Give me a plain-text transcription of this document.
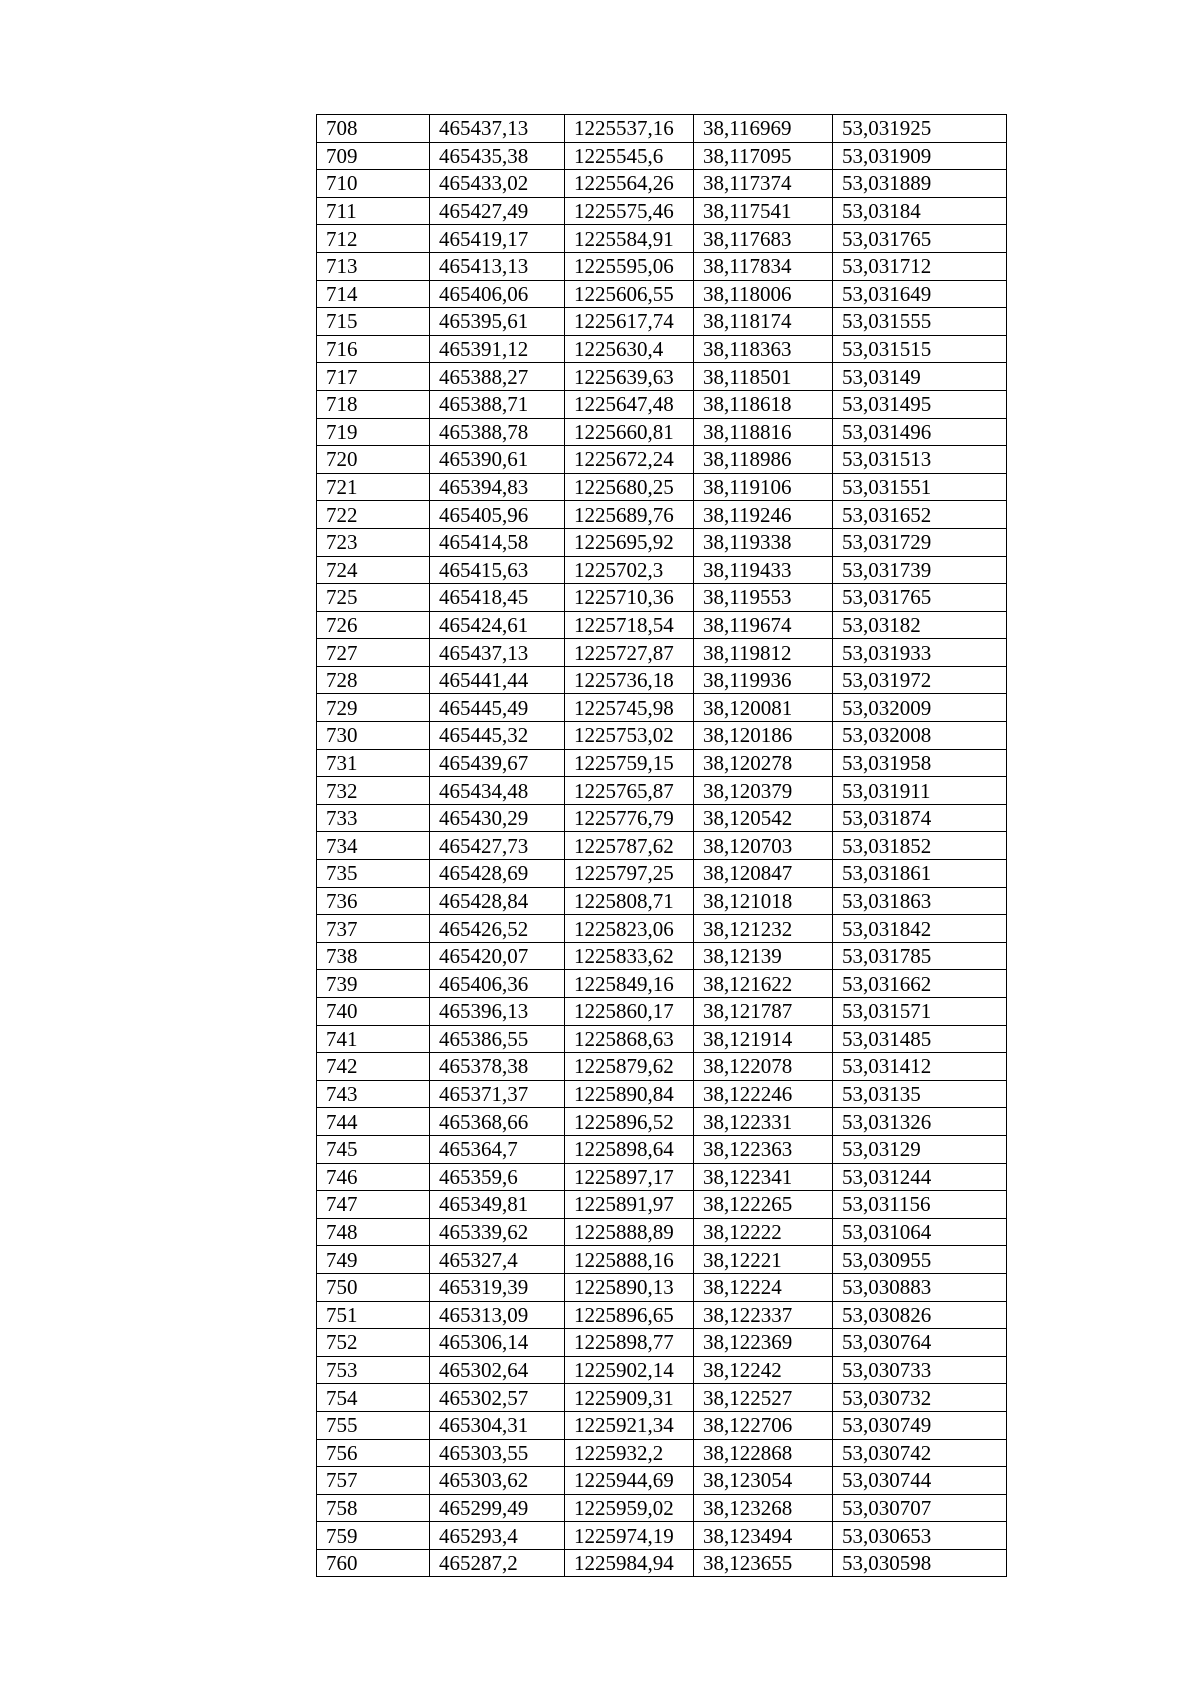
708	465437,13	1225537,16	38,116969	53,031925
709	465435,38	1225545,6	38,117095	53,031909
710	465433,02	1225564,26	38,117374	53,031889
711	465427,49	1225575,46	38,117541	53,03184
712	465419,17	1225584,91	38,117683	53,031765
713	465413,13	1225595,06	38,117834	53,031712
714	465406,06	1225606,55	38,118006	53,031649
715	465395,61	1225617,74	38,118174	53,031555
716	465391,12	1225630,4	38,118363	53,031515
717	465388,27	1225639,63	38,118501	53,03149
718	465388,71	1225647,48	38,118618	53,031495
719	465388,78	1225660,81	38,118816	53,031496
720	465390,61	1225672,24	38,118986	53,031513
721	465394,83	1225680,25	38,119106	53,031551
722	465405,96	1225689,76	38,119246	53,031652
723	465414,58	1225695,92	38,119338	53,031729
724	465415,63	1225702,3	38,119433	53,031739
725	465418,45	1225710,36	38,119553	53,031765
726	465424,61	1225718,54	38,119674	53,03182
727	465437,13	1225727,87	38,119812	53,031933
728	465441,44	1225736,18	38,119936	53,031972
729	465445,49	1225745,98	38,120081	53,032009
730	465445,32	1225753,02	38,120186	53,032008
731	465439,67	1225759,15	38,120278	53,031958
732	465434,48	1225765,87	38,120379	53,031911
733	465430,29	1225776,79	38,120542	53,031874
734	465427,73	1225787,62	38,120703	53,031852
735	465428,69	1225797,25	38,120847	53,031861
736	465428,84	1225808,71	38,121018	53,031863
737	465426,52	1225823,06	38,121232	53,031842
738	465420,07	1225833,62	38,12139	53,031785
739	465406,36	1225849,16	38,121622	53,031662
740	465396,13	1225860,17	38,121787	53,031571
741	465386,55	1225868,63	38,121914	53,031485
742	465378,38	1225879,62	38,122078	53,031412
743	465371,37	1225890,84	38,122246	53,03135
744	465368,66	1225896,52	38,122331	53,031326
745	465364,7	1225898,64	38,122363	53,03129
746	465359,6	1225897,17	38,122341	53,031244
747	465349,81	1225891,97	38,122265	53,031156
748	465339,62	1225888,89	38,12222	53,031064
749	465327,4	1225888,16	38,12221	53,030955
750	465319,39	1225890,13	38,12224	53,030883
751	465313,09	1225896,65	38,122337	53,030826
752	465306,14	1225898,77	38,122369	53,030764
753	465302,64	1225902,14	38,12242	53,030733
754	465302,57	1225909,31	38,122527	53,030732
755	465304,31	1225921,34	38,122706	53,030749
756	465303,55	1225932,2	38,122868	53,030742
757	465303,62	1225944,69	38,123054	53,030744
758	465299,49	1225959,02	38,123268	53,030707
759	465293,4	1225974,19	38,123494	53,030653
760	465287,2	1225984,94	38,123655	53,030598
